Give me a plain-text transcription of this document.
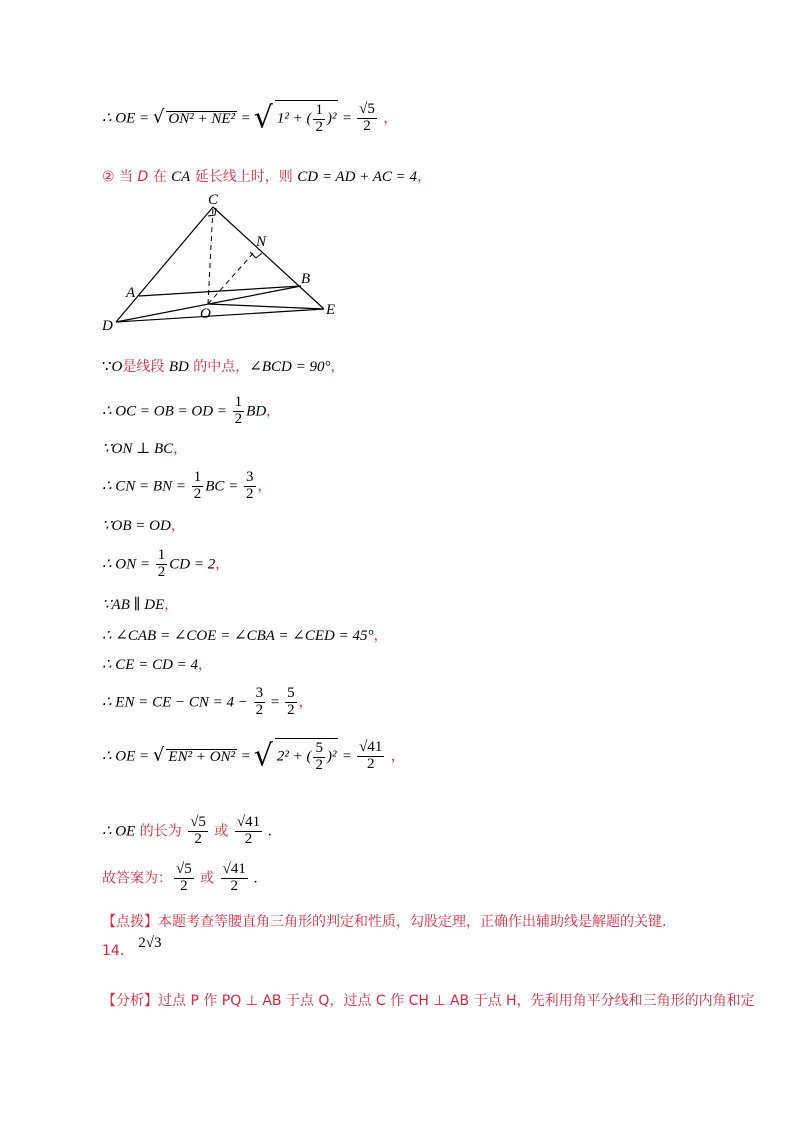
∴ OE = √ ON² + NE² = √ 1² + ( $\frac{1}{2} )^2 = \frac{√5}{2}$ ，
② 当 D 在 CA 延长线上时，则 CD = AD + AC = 4，
C
N
B
A
O	E
D
∵O是线段 BD 的中点，∠BCD = 90°，
∴ OC = OB = OD = $\frac{1}{2}$ BD，
∵ON ⊥ BC，
∴ CN = BN = $\frac{1}{2}$ BC = $\frac{3}{2}$ ，
∵OB = OD，
∴ ON = $\frac{1}{2}$ CD = 2，
∵AB ∥ DE，
∴ ∠CAB = ∠COE = ∠CBA = ∠CED = 45°，
∴ CE = CD = 4，
∴ EN = CE − CN = $4 - \frac{3}{2} = \frac{5}{2}$ ，
∴ OE = √ EN² + ON² = √ 2² + ( $\frac{5}{2} )^2 = \frac{√41}{2}$ ，
∴ OE 的长为 $\frac{√5}{2}$ 或 $\frac{√41}{2}$ .
故答案为： $\frac{√5}{2}$ 或 $\frac{√41}{2}$ .
【点拨】本题考查等腰直角三角形的判定和性质，勾股定理，正确作出辅助线是解题的关键.
14． 2√3
【分析】过点 P 作 PQ ⊥ AB 于点 Q，过点 C 作 CH ⊥ AB 于点 H，先利用角平分线和三角形的内角和定
